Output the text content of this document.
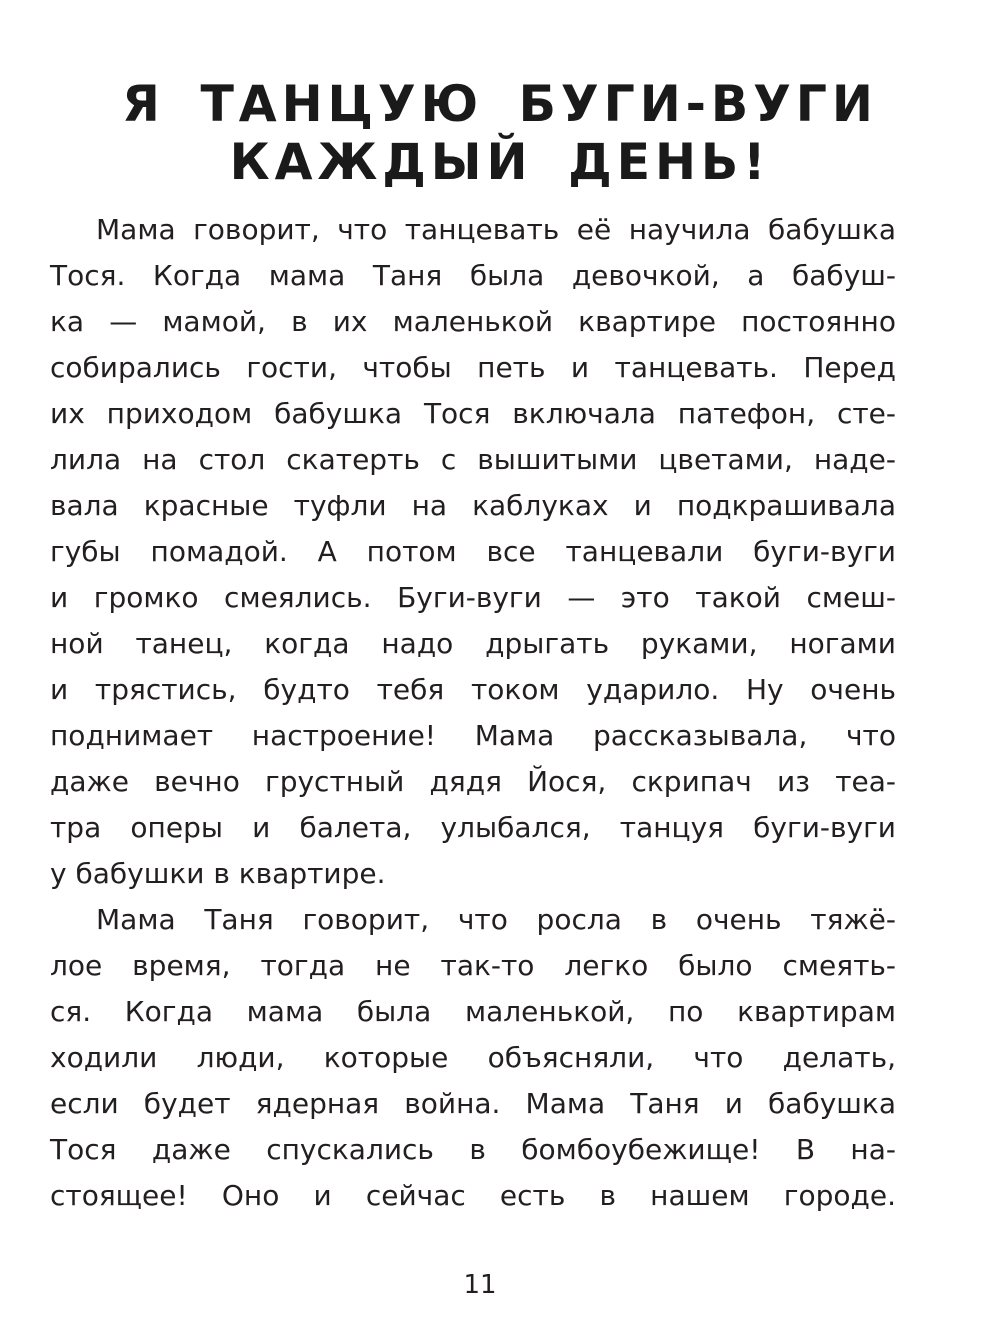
Я ТАНЦУЮ БУГИ-ВУГИ
КАЖДЫЙ ДЕНЬ!
Мама говорит, что танцевать её научила бабушка
Тося. Когда мама Таня была девочкой, а бабуш-
ка — мамой, в их маленькой квартире постоянно
собирались гости, чтобы петь и танцевать. Перед
их приходом бабушка Тося включала патефон, сте-
лила на стол скатерть с вышитыми цветами, наде-
вала красные туфли на каблуках и подкрашивала
губы помадой. А потом все танцевали буги-вуги
и громко смеялись. Буги-вуги — это такой смеш-
ной танец, когда надо дрыгать руками, ногами
и трястись, будто тебя током ударило. Ну очень
поднимает настроение! Мама рассказывала, что
даже вечно грустный дядя Йося, скрипач из теа-
тра оперы и балета, улыбался, танцуя буги-вуги
у бабушки в квартире.
Мама Таня говорит, что росла в очень тяжё-
лое время, тогда не так-то легко было смеять-
ся. Когда мама была маленькой, по квартирам
ходили люди, которые объясняли, что делать,
если будет ядерная война. Мама Таня и бабушка
Тося даже спускались в бомбоубежище! В на-
стоящее! Оно и сейчас есть в нашем городе.
11
